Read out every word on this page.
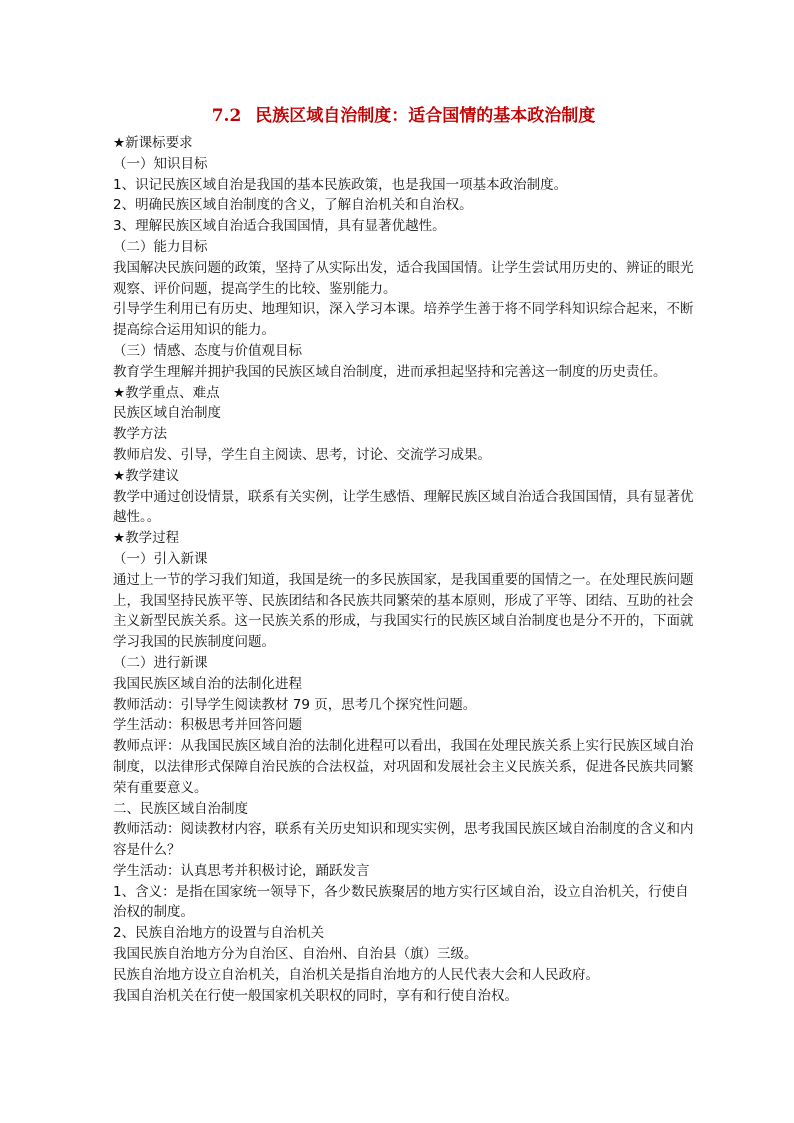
7.2 民族区域自治制度：适合国情的基本政治制度

★新课标要求

（一）知识目标

1、识记民族区域自治是我国的基本民族政策，也是我国一项基本政治制度。

2、明确民族区域自治制度的含义，了解自治机关和自治权。

3、理解民族区域自治适合我国国情，具有显著优越性。

（二）能力目标

我国解决民族问题的政策，坚持了从实际出发，适合我国国情。让学生尝试用历史的、辨证的眼光观察、评价问题，提高学生的比较、鉴别能力。

引导学生利用已有历史、地理知识，深入学习本课。培养学生善于将不同学科知识综合起来，不断提高综合运用知识的能力。

（三）情感、态度与价值观目标

教育学生理解并拥护我国的民族区域自治制度，进而承担起坚持和完善这一制度的历史责任。

★教学重点、难点

民族区域自治制度

教学方法

教师启发、引导，学生自主阅读、思考，讨论、交流学习成果。

★教学建议

教学中通过创设情景，联系有关实例，让学生感悟、理解民族区域自治适合我国国情，具有显著优越性。。

★教学过程

（一）引入新课

通过上一节的学习我们知道，我国是统一的多民族国家，是我国重要的国情之一。在处理民族问题上，我国坚持民族平等、民族团结和各民族共同繁荣的基本原则，形成了平等、团结、互助的社会主义新型民族关系。这一民族关系的形成，与我国实行的民族区域自治制度也是分不开的，下面就学习我国的民族制度问题。

（二）进行新课

我国民族区域自治的法制化进程

教师活动：引导学生阅读教材 79 页，思考几个探究性问题。

学生活动：积极思考并回答问题

教师点评：从我国民族区域自治的法制化进程可以看出，我国在处理民族关系上实行民族区域自治制度，以法律形式保障自治民族的合法权益，对巩固和发展社会主义民族关系，促进各民族共同繁荣有重要意义。

二、民族区域自治制度

教师活动：阅读教材内容，联系有关历史知识和现实实例，思考我国民族区域自治制度的含义和内容是什么？

学生活动：认真思考并积极讨论，踊跃发言

1、含义：是指在国家统一领导下，各少数民族聚居的地方实行区域自治，设立自治机关，行使自治权的制度。

2、民族自治地方的设置与自治机关

我国民族自治地方分为自治区、自治州、自治县（旗）三级。

民族自治地方设立自治机关，自治机关是指自治地方的人民代表大会和人民政府。

我国自治机关在行使一般国家机关职权的同时，享有和行使自治权。
